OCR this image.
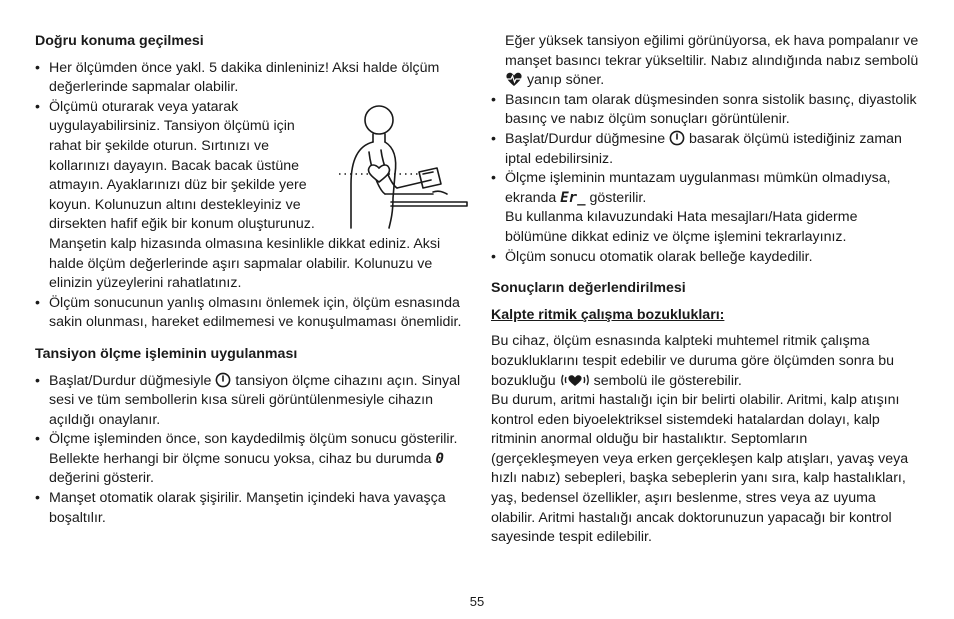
Doğru konuma geçilmesi

• Her ölçümden önce yakl. 5 dakika dinleniniz! Aksi halde ölçüm değerlerinde sapmalar olabilir.
• Ölçümü oturarak veya yatarak uygulayabilirsiniz. Tansiyon ölçümü için rahat bir şekilde oturun. Sırtınızı ve kollarınızı dayayın. Bacak bacak üstüne atmayın. Ayaklarınızı düz bir şekilde yere koyun. Kolunuzun altını destekleyiniz ve dirsekten hafif eğik bir konum oluşturunuz. Manşetin kalp hizasında olmasına kesinlikle dikkat ediniz. Aksi halde ölçüm değerlerinde aşırı sapmalar olabilir. Kolunuzu ve elinizin yüzeylerini rahatlatınız.
• Ölçüm sonucunun yanlış olmasını önlemek için, ölçüm esnasında sakin olunması, hareket edilmemesi ve konuşulmaması önemlidir.

Tansiyon ölçme işleminin uygulanması

• Başlat/Durdur düğmesiyle tansiyon ölçme cihazını açın. Sinyal sesi ve tüm sembollerin kısa süreli görüntülenmesiyle cihazın açıldığı onaylanır.
• Ölçme işleminden önce, son kaydedilmiş ölçüm sonucu gösterilir. Bellekte herhangi bir ölçme sonucu yoksa, cihaz bu durumda 0 değerini gösterir.
• Manşet otomatik olarak şişirilir. Manşetin içindeki hava yavaşça boşaltılır.

Eğer yüksek tansiyon eğilimi görünüyorsa, ek hava pompalanır ve manşet basıncı tekrar yükseltilir. Nabız alındığında nabız sembolü  yanıp söner.

• Basıncın tam olarak düşmesinden sonra sistolik basınç, diyastolik basınç ve nabız ölçüm sonuçları görüntülenir.
• Başlat/Durdur düğmesine basarak ölçümü istediğiniz zaman iptal edebilirsiniz.
• Ölçme işleminin muntazam uygulanması mümkün olmadıysa, ekranda Er_ gösterilir.
Bu kullanma kılavuzundaki Hata mesajları/Hata giderme bölümüne dikkat ediniz ve ölçme işlemini tekrarlayınız.
• Ölçüm sonucu otomatik olarak belleğe kaydedilir.

Sonuçların değerlendirilmesi

Kalpte ritmik çalışma bozuklukları:

Bu cihaz, ölçüm esnasında kalpteki muhtemel ritmik çalışma bozukluklarını tespit edebilir ve duruma göre ölçümden sonra bu bozukluğu	sembolü ile gösterebilir.

Bu durum, aritmi hastalığı için bir belirti olabilir. Aritmi, kalp atışını kontrol eden biyoelektriksel sistemdeki hatalardan dolayı, kalp ritminin anormal olduğu bir hastalıktır. Septomların (gerçekleşmeyen veya erken gerçekleşen kalp atışları, yavaş veya hızlı nabız) sebepleri, başka sebeplerin yanı sıra, kalp hastalıkları, yaş, bedensel özellikler, aşırı beslenme, stres veya az uyuma olabilir. Aritmi hastalığı ancak doktorunuzun yapacağı bir kontrol sayesinde tespit edilebilir.

55
